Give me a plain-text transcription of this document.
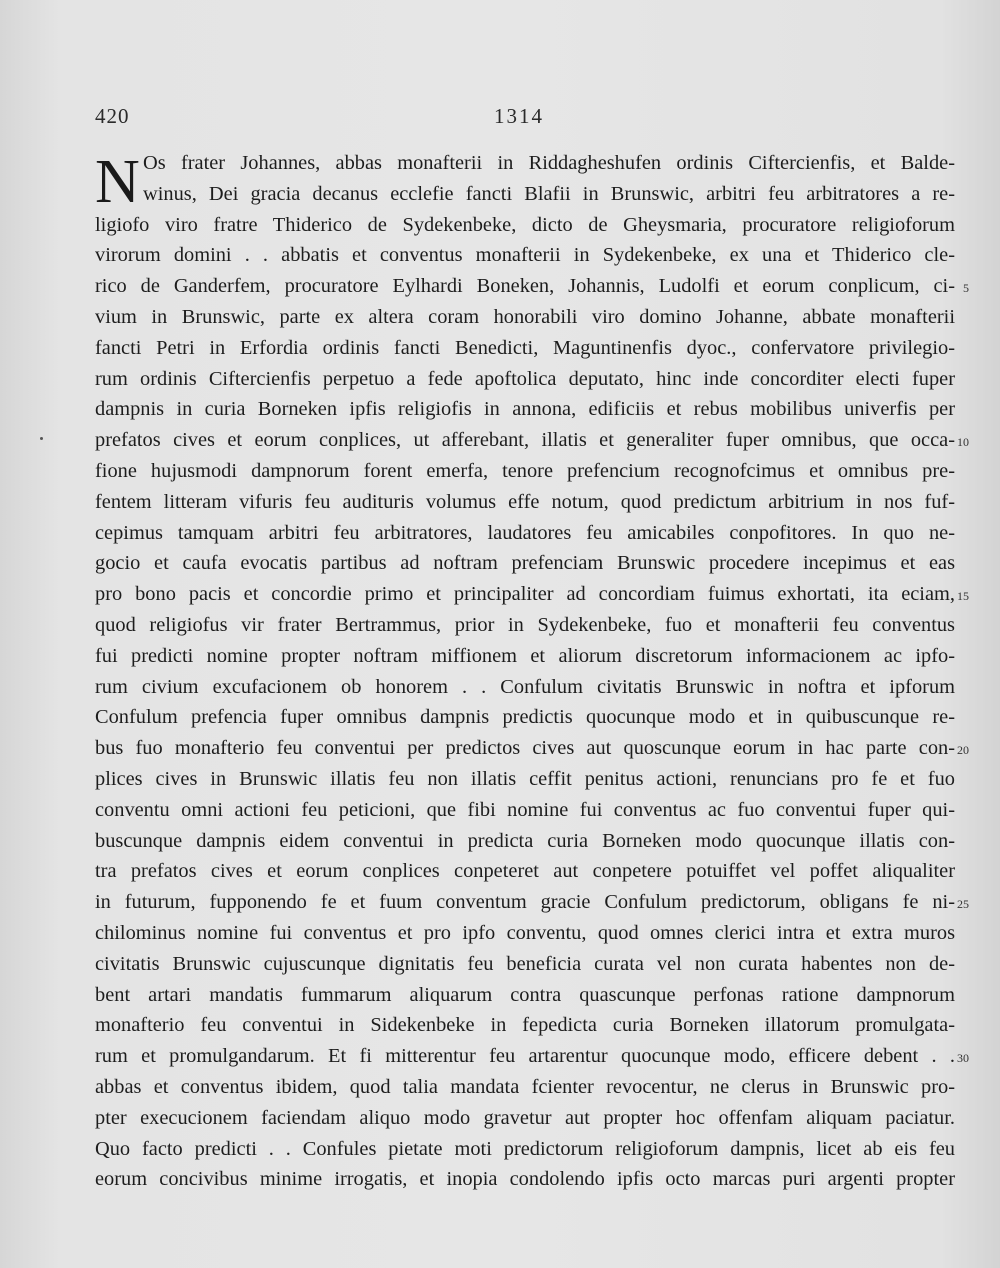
420	1314
N Os frater Johannes, abbas monafterii in Riddagheshufen ordinis Ciftercienfis, et Balde-
winus, Dei gracia decanus ecclefie fancti Blafii in Brunswic, arbitri feu arbitratores a re-
ligiofo viro fratre Thiderico de Sydekenbeke, dicto de Gheysmaria, procuratore religioforum
virorum domini . . abbatis et conventus monafterii in Sydekenbeke, ex una et Thiderico cle-
rico de Ganderfem, procuratore Eylhardi Boneken, Johannis, Ludolfi et eorum conplicum, ci- 5
vium in Brunswic, parte ex altera coram honorabili viro domino Johanne, abbate monafterii
fancti Petri in Erfordia ordinis fancti Benedicti, Maguntinenfis dyoc., confervatore privilegio-
rum ordinis Ciftercienfis perpetuo a fede apoftolica deputato, hinc inde concorditer electi fuper
dampnis in curia Borneken ipfis religiofis in annona, edificiis et rebus mobilibus univerfis per
prefatos cives et eorum conplices, ut afferebant, illatis et generaliter fuper omnibus, que occa- 10
fione hujusmodi dampnorum forent emerfa, tenore prefencium recognofcimus et omnibus pre-
fentem litteram vifuris feu audituris volumus effe notum, quod predictum arbitrium in nos fuf-
cepimus tamquam arbitri feu arbitratores, laudatores feu amicabiles conpofitores. In quo ne-
gocio et caufa evocatis partibus ad noftram prefenciam Brunswic procedere incepimus et eas
pro bono pacis et concordie primo et principaliter ad concordiam fuimus exhortati, ita eciam, 15
quod religiofus vir frater Bertrammus, prior in Sydekenbeke, fuo et monafterii feu conventus
fui predicti nomine propter noftram miffionem et aliorum discretorum informacionem ac ipfo-
rum civium excufacionem ob honorem . . Confulum civitatis Brunswic in noftra et ipforum
Confulum prefencia fuper omnibus dampnis predictis quocunque modo et in quibuscunque re-
bus fuo monafterio feu conventui per predictos cives aut quoscunque eorum in hac parte con- 20
plices cives in Brunswic illatis feu non illatis ceffit penitus actioni, renuncians pro fe et fuo
conventu omni actioni feu peticioni, que fibi nomine fui conventus ac fuo conventui fuper qui-
buscunque dampnis eidem conventui in predicta curia Borneken modo quocunque illatis con-
tra prefatos cives et eorum conplices conpeteret aut conpetere potuiffet vel poffet aliqualiter
in futurum, fupponendo fe et fuum conventum gracie Confulum predictorum, obligans fe ni- 25
chilominus nomine fui conventus et pro ipfo conventu, quod omnes clerici intra et extra muros
civitatis Brunswic cujuscunque dignitatis feu beneficia curata vel non curata habentes non de-
bent artari mandatis fummarum aliquarum contra quascunque perfonas ratione dampnorum
monafterio feu conventui in Sidekenbeke in fepedicta curia Borneken illatorum promulgata-
rum et promulgandarum. Et fi mitterentur feu artarentur quocunque modo, efficere debent . . 30
abbas et conventus ibidem, quod talia mandata fcienter revocentur, ne clerus in Brunswic pro-
pter execucionem faciendam aliquo modo gravetur aut propter hoc offenfam aliquam paciatur.
Quo facto predicti . . Confules pietate moti predictorum religioforum dampnis, licet ab eis feu
eorum concivibus minime irrogatis, et inopia condolendo ipfis octo marcas puri argenti propter
